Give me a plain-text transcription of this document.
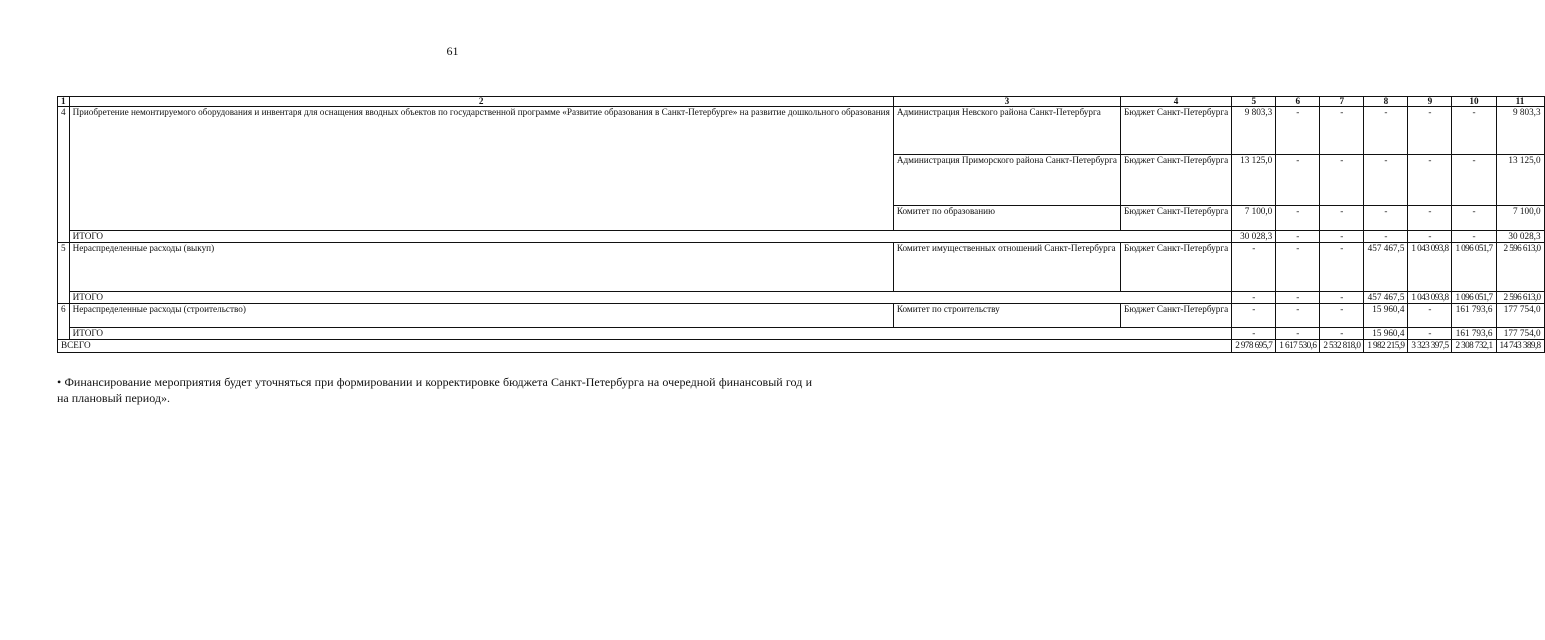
61
1	2	3	4	5	6	7	8	9	10	11
4	Приобретение немонтируемого оборудования и инвентаря для оснащения вводных объектов по государственной программе «Развитие образования в Санкт-Петербурге» на развитие дошкольного образования	Администрация Невского района Санкт-Петербурга	Бюджет Санкт-Петербурга	9 803,3	-	-	-	-	-	9 803,3
		Администрация Приморского района Санкт-Петербурга	Бюджет Санкт-Петербурга	13 125,0	-	-	-	-	-	13 125,0
		Комитет по образованию	Бюджет Санкт-Петербурга	7 100,0	-	-	-	-	-	7 100,0
	ИТОГО			30 028,3	-	-	-	-	-	30 028,3
5	Нераспределенные расходы (выкуп)	Комитет имущественных отношений Санкт-Петербурга	Бюджет Санкт-Петербурга	-	-	-	457 467,5	1 043 093,8	1 096 051,7	2 596 613,0
	ИТОГО			-	-	-	457 467,5	1 043 093,8	1 096 051,7	2 596 613,0
6	Нераспределенные расходы (строительство)	Комитет по строительству	Бюджет Санкт-Петербурга	-	-	-	15 960,4	-	161 793,6	177 754,0
	ИТОГО			-	-	-	15 960,4	-	161 793,6	177 754,0
ВСЕГО				2 978 695,7	1 617 530,6	2 532 818,0	1 982 215,9	3 323 397,5	2 308 732,1	14 743 389,8
• Финансирование мероприятия будет уточняться при формировании и корректировке бюджета Санкт-Петербурга на очередной финансовый год и на плановый период».
